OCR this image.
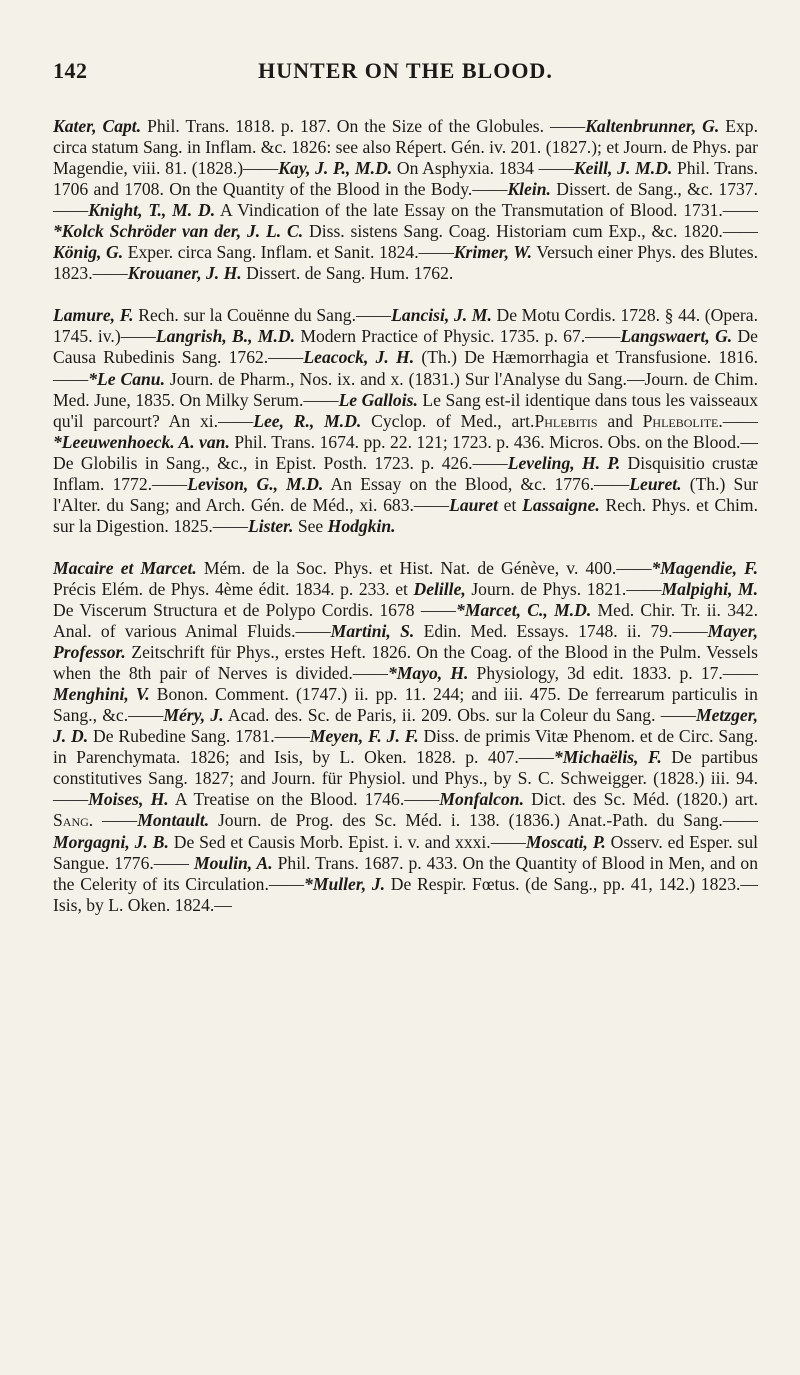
142	HUNTER ON THE BLOOD.

Kater, Capt. Phil. Trans. 1818. p. 187. On the Size of the Globules. ——Kaltenbrunner, G. Exp. circa statum Sang. in Inflam. &c. 1826: see also Répert. Gén. iv. 201. (1827.); et Journ. de Phys. par Magendie, viii. 81. (1828.)——Kay, J. P., M.D. On Asphyxia. 1834 ——Keill, J. M.D. Phil. Trans. 1706 and 1708. On the Quantity of the Blood in the Body.——Klein. Dissert. de Sang., &c. 1737.——Knight, T., M. D. A Vindication of the late Essay on the Transmutation of Blood. 1731.——*Kolck Schröder van der, J. L. C. Diss. sistens Sang. Coag. Historiam cum Exp., &c. 1820.——König, G. Exper. circa Sang. Inflam. et Sanit. 1824.——Krimer, W. Versuch einer Phys. des Blutes. 1823.——Krouaner, J. H. Dissert. de Sang. Hum. 1762.

Lamure, F. Rech. sur la Couënne du Sang.——Lancisi, J. M. De Motu Cordis. 1728. § 44. (Opera. 1745. iv.)——Langrish, B., M.D. Modern Practice of Physic. 1735. p. 67.——Langswaert, G. De Causa Rubedinis Sang. 1762.——Leacock, J. H. (Th.) De Hæmorrhagia et Transfusione. 1816.——*Le Canu. Journ. de Pharm., Nos. ix. and x. (1831.) Sur l'Analyse du Sang.—Journ. de Chim. Med. June, 1835. On Milky Serum.——Le Gallois. Le Sang est-il identique dans tous les vaisseaux qu'il parcourt? An xi.——Lee, R., M.D. Cyclop. of Med., art.Phlebitis and Phlebolite.——*Leeuwenhoeck. A. van. Phil. Trans. 1674. pp. 22. 121; 1723. p. 436. Micros. Obs. on the Blood.—De Globilis in Sang., &c., in Epist. Posth. 1723. p. 426.——Leveling, H. P. Disquisitio crustæ Inflam. 1772.——Levison, G., M.D. An Essay on the Blood, &c. 1776.——Leuret. (Th.) Sur l'Alter. du Sang; and Arch. Gén. de Méd., xi. 683.——Lauret et Lassaigne. Rech. Phys. et Chim. sur la Digestion. 1825.——Lister. See Hodgkin.

Macaire et Marcet. Mém. de la Soc. Phys. et Hist. Nat. de Génève, v. 400.——*Magendie, F. Précis Elém. de Phys. 4ème édit. 1834. p. 233. et Delille, Journ. de Phys. 1821.——Malpighi, M. De Viscerum Structura et de Polypo Cordis. 1678 ——*Marcet, C., M.D. Med. Chir. Tr. ii. 342. Anal. of various Animal Fluids.——Martini, S. Edin. Med. Essays. 1748. ii. 79.——Mayer, Professor. Zeitschrift für Phys., erstes Heft. 1826. On the Coag. of the Blood in the Pulm. Vessels when the 8th pair of Nerves is divided.——*Mayo, H. Physiology, 3d edit. 1833. p. 17.——Menghini, V. Bonon. Comment. (1747.) ii. pp. 11. 244; and iii. 475. De ferrearum particulis in Sang., &c.——Méry, J. Acad. des. Sc. de Paris, ii. 209. Obs. sur la Coleur du Sang. ——Metzger, J. D. De Rubedine Sang. 1781.——Meyen, F. J. F. Diss. de primis Vitæ Phenom. et de Circ. Sang. in Parenchymata. 1826; and Isis, by L. Oken. 1828. p. 407.——*Michaëlis, F. De partibus constitutives Sang. 1827; and Journ. für Physiol. und Phys., by S. C. Schweigger. (1828.) iii. 94.——Moises, H. A Treatise on the Blood. 1746.——Monfalcon. Dict. des Sc. Méd. (1820.) art. Sang. ——Montault. Journ. de Prog. des Sc. Méd. i. 138. (1836.) Anat.-Path. du Sang.——Morgagni, J. B. De Sed et Causis Morb. Epist. i. v. and xxxi.——Moscati, P. Osserv. ed Esper. sul Sangue. 1776.—— Moulin, A. Phil. Trans. 1687. p. 433. On the Quantity of Blood in Men, and on the Celerity of its Circulation.——*Muller, J. De Respir. Fœtus. (de Sang., pp. 41, 142.) 1823.—Isis, by L. Oken. 1824.—
